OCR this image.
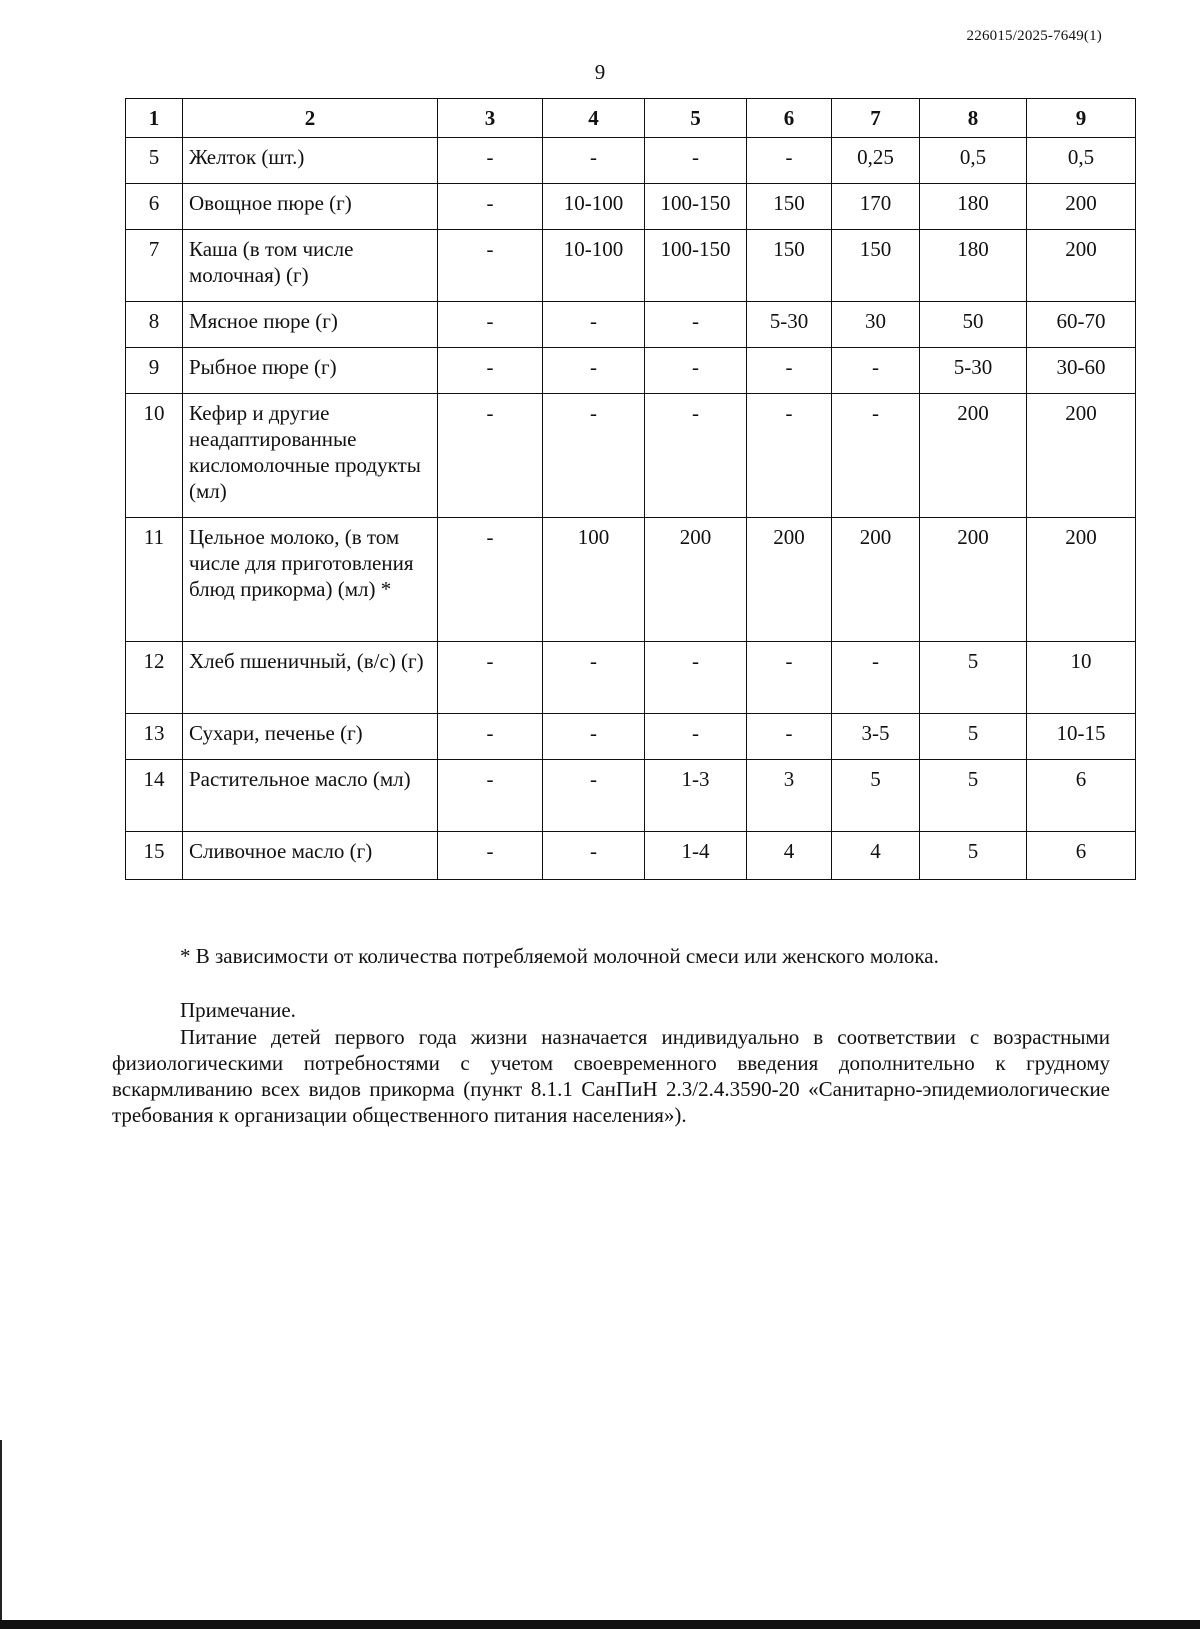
226015/2025-7649(1)
9
1	2	3	4	5	6	7	8	9
5	Желток (шт.)	-	-	-	-	0,25	0,5	0,5
6	Овощное пюре (г)	-	10-100	100-150	150	170	180	200
7	Каша (в том числе молочная) (г)	-	10-100	100-150	150	150	180	200
8	Мясное пюре (г)	-	-	-	5-30	30	50	60-70
9	Рыбное пюре (г)	-	-	-	-	-	5-30	30-60
10	Кефир и другие неадаптированные кисломолочные продукты (мл)	-	-	-	-	-	200	200
11	Цельное молоко, (в том числе для приготовления блюд прикорма) (мл) *	-	100	200	200	200	200	200
12	Хлеб пшеничный, (в/с) (г)	-	-	-	-	-	5	10
13	Сухари, печенье (г)	-	-	-	-	3-5	5	10-15
14	Растительное масло (мл)	-	-	1-3	3	5	5	6
15	Сливочное масло (г)	-	-	1-4	4	4	5	6
* В зависимости от количества потребляемой молочной смеси или женского молока.
Примечание.
Питание детей первого года жизни назначается индивидуально в соответствии с возрастными физиологическими потребностями с учетом своевременного введения дополнительно к грудному вскармливанию всех видов прикорма (пункт 8.1.1 СанПиН 2.3/2.4.3590-20 «Санитарно-эпидемиологические требования к организации общественного питания населения»).
